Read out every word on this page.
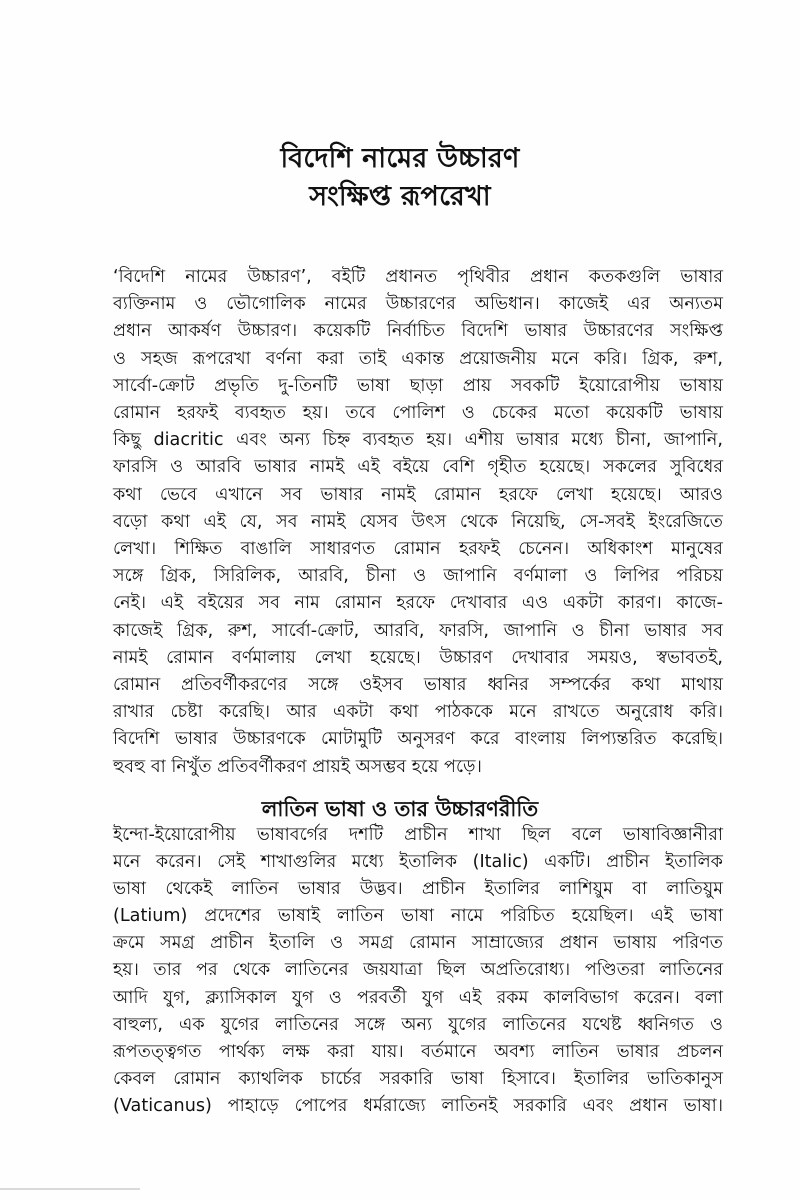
বিদেশি নামের উচ্চারণ
সংক্ষিপ্ত রূপরেখা
‘বিদেশি নামের উচ্চারণ’, বইটি প্রধানত পৃথিবীর প্রধান কতকগুলি ভাষার
ব্যক্তিনাম ও ভৌগোলিক নামের উচ্চারণের অভিধান। কাজেই এর অন্যতম
প্রধান আকর্ষণ উচ্চারণ। কয়েকটি নির্বাচিত বিদেশি ভাষার উচ্চারণের সংক্ষিপ্ত
ও সহজ রূপরেখা বর্ণনা করা তাই একান্ত প্রয়োজনীয় মনে করি। গ্রিক, রুশ,
সার্বো-ক্রোট প্রভৃতি দু-তিনটি ভাষা ছাড়া প্রায় সবকটি ইয়োরোপীয় ভাষায়
রোমান হরফই ব্যবহৃত হয়। তবে পোলিশ ও চেকের মতো কয়েকটি ভাষায়
কিছু diacritic এবং অন্য চিহ্ন ব্যবহৃত হয়। এশীয় ভাষার মধ্যে চীনা, জাপানি,
ফারসি ও আরবি ভাষার নামই এই বইয়ে বেশি গৃহীত হয়েছে। সকলের সুবিধের
কথা ভেবে এখানে সব ভাষার নামই রোমান হরফে লেখা হয়েছে। আরও
বড়ো কথা এই যে, সব নামই যেসব উৎস থেকে নিয়েছি, সে-সবই ইংরেজিতে
লেখা। শিক্ষিত বাঙালি সাধারণত রোমান হরফই চেনেন। অধিকাংশ মানুষের
সঙ্গে গ্রিক, সিরিলিক, আরবি, চীনা ও জাপানি বর্ণমালা ও লিপির পরিচয়
নেই। এই বইয়ের সব নাম রোমান হরফে দেখাবার এও একটা কারণ। কাজে-
কাজেই গ্রিক, রুশ, সার্বো-ক্রোট, আরবি, ফারসি, জাপানি ও চীনা ভাষার সব
নামই রোমান বর্ণমালায় লেখা হয়েছে। উচ্চারণ দেখাবার সময়ও, স্বভাবতই,
রোমান প্রতিবর্ণীকরণের সঙ্গে ওইসব ভাষার ধ্বনির সম্পর্কের কথা মাথায়
রাখার চেষ্টা করেছি। আর একটা কথা পাঠককে মনে রাখতে অনুরোধ করি।
বিদেশি ভাষার উচ্চারণকে মোটামুটি অনুসরণ করে বাংলায় লিপ্যন্তরিত করেছি।
হুবহু বা নিখুঁত প্রতিবর্ণীকরণ প্রায়ই অসম্ভব হয়ে পড়ে।
লাতিন ভাষা ও তার উচ্চারণরীতি
ইন্দো-ইয়োরোপীয় ভাষাবর্গের দশটি প্রাচীন শাখা ছিল বলে ভাষাবিজ্ঞানীরা
মনে করেন। সেই শাখাগুলির মধ্যে ইতালিক (Italic) একটি। প্রাচীন ইতালিক
ভাষা থেকেই লাতিন ভাষার উদ্ভব। প্রাচীন ইতালির লাশিয়ুম বা লাতিয়ুম
(Latium) প্রদেশের ভাষাই লাতিন ভাষা নামে পরিচিত হয়েছিল। এই ভাষা
ক্রমে সমগ্র প্রাচীন ইতালি ও সমগ্র রোমান সাম্রাজ্যের প্রধান ভাষায় পরিণত
হয়। তার পর থেকে লাতিনের জয়যাত্রা ছিল অপ্রতিরোধ্য। পণ্ডিতরা লাতিনের
আদি যুগ, ক্ল্যাসিকাল যুগ ও পরবর্তী যুগ এই রকম কালবিভাগ করেন। বলা
বাহুল্য, এক যুগের লাতিনের সঙ্গে অন্য যুগের লাতিনের যথেষ্ট ধ্বনিগত ও
রূপতত্ত্বগত পার্থক্য লক্ষ করা যায়। বর্তমানে অবশ্য লাতিন ভাষার প্রচলন
কেবল রোমান ক্যাথলিক চার্চের সরকারি ভাষা হিসাবে। ইতালির ভাতিকানুস
(Vaticanus) পাহাড়ে পোপের ধর্মরাজ্যে লাতিনই সরকারি এবং প্রধান ভাষা।
